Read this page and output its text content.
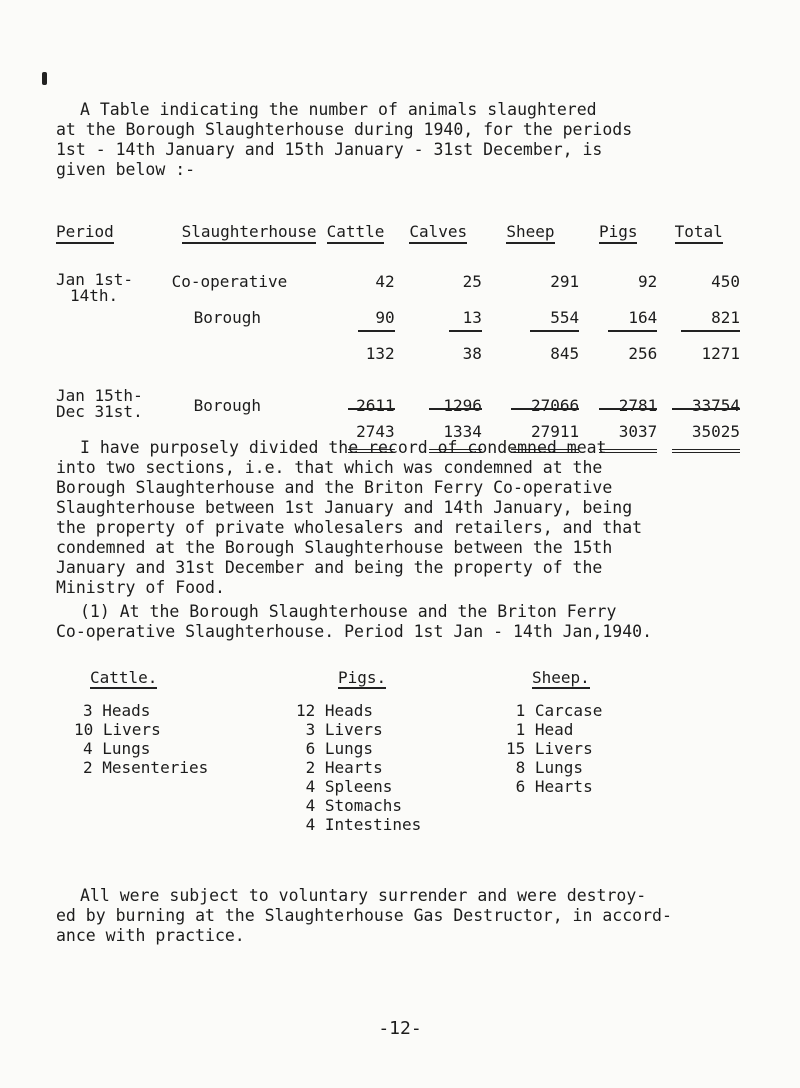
A Table indicating the number of animals slaughtered
at the Borough Slaughterhouse during 1940, for the periods
1st - 14th January and 15th January - 31st December, is
given below :-
Period	Slaughterhouse	Cattle	Calves	Sheep	Pigs	Total

Jan 1st-
14th.	Co-operative	42	25	291	92	450
	Borough	90	13	554	164	821
		132	38	845	256	1271

Jan 15th-
Dec 31st.	Borough	2611	1296	27066	2781	33754
		2743	1334	27911	3037	35025
I have purposely divided the record of condemned meat
into two sections, i.e. that which was condemned at the
Borough Slaughterhouse and the Briton Ferry Co-operative
Slaughterhouse between 1st January and 14th January, being
the property of private wholesalers and retailers, and that
condemned at the Borough Slaughterhouse between the 15th
January and 31st December and being the property of the
Ministry of Food.
(1) At the Borough Slaughterhouse and the Briton Ferry
Co-operative Slaughterhouse. Period 1st Jan - 14th Jan,1940.
Cattle.
3 Heads
10 Livers
4 Lungs
2 Mesenteries
Pigs.
12 Heads
3 Livers
6 Lungs
2 Hearts
4 Spleens
4 Stomachs
4 Intestines
Sheep.
1 Carcase
1 Head
15 Livers
8 Lungs
6 Hearts
All were subject to voluntary surrender and were destroy-
ed by burning at the Slaughterhouse Gas Destructor, in accord-
ance with practice.
-12-
